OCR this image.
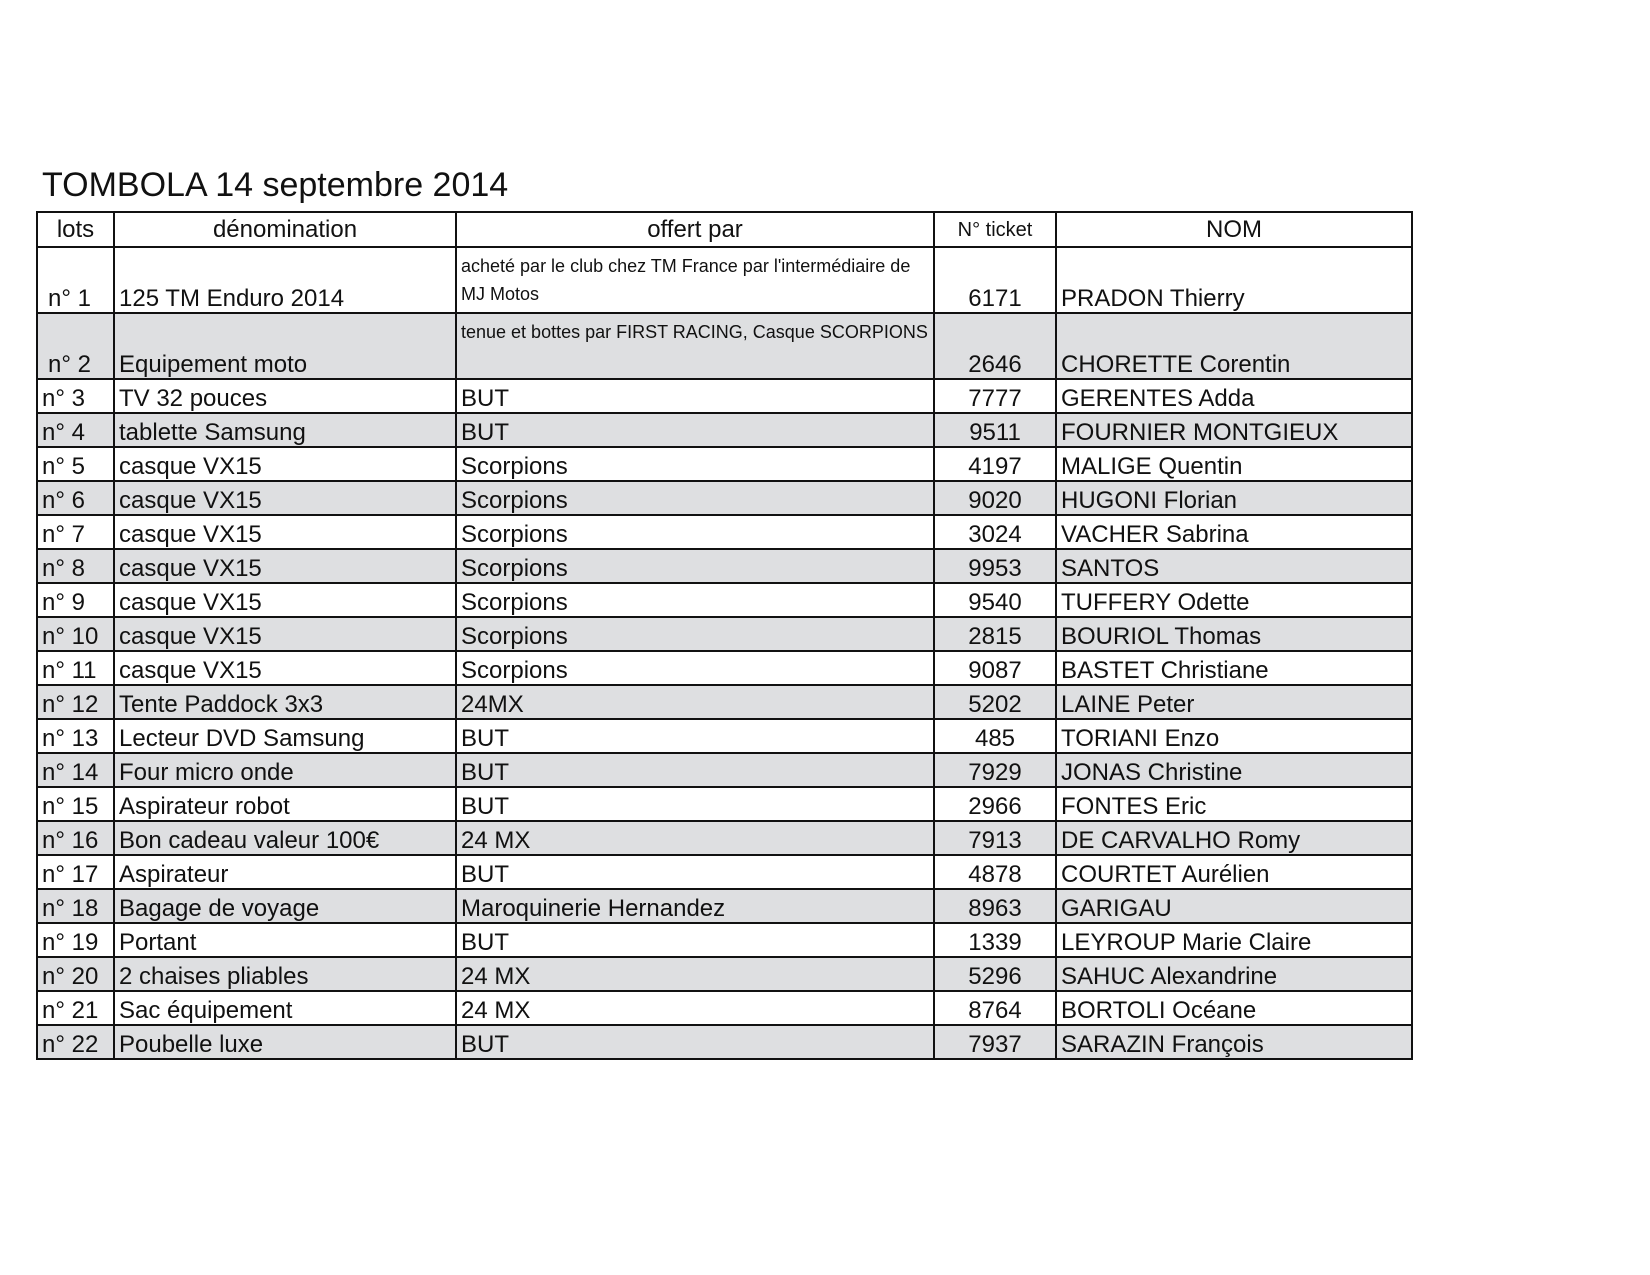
TOMBOLA 14 septembre 2014
lots	dénomination	offert par	N° ticket	NOM
n° 1	125 TM Enduro 2014	acheté par le club chez TM France par l'intermédiaire de MJ Motos	6171	PRADON Thierry
n° 2	Equipement moto	tenue et bottes par FIRST RACING, Casque SCORPIONS	2646	CHORETTE Corentin
n° 3	TV 32 pouces	BUT	7777	GERENTES Adda
n° 4	tablette Samsung	BUT	9511	FOURNIER MONTGIEUX
n° 5	casque VX15	Scorpions	4197	MALIGE Quentin
n° 6	casque VX15	Scorpions	9020	HUGONI Florian
n° 7	casque VX15	Scorpions	3024	VACHER Sabrina
n° 8	casque VX15	Scorpions	9953	SANTOS
n° 9	casque VX15	Scorpions	9540	TUFFERY Odette
n° 10	casque VX15	Scorpions	2815	BOURIOL Thomas
n° 11	casque VX15	Scorpions	9087	BASTET Christiane
n° 12	Tente Paddock 3x3	24MX	5202	LAINE Peter
n° 13	Lecteur DVD Samsung	BUT	485	TORIANI Enzo
n° 14	Four micro onde	BUT	7929	JONAS Christine
n° 15	Aspirateur robot	BUT	2966	FONTES Eric
n° 16	Bon cadeau valeur 100€	24 MX	7913	DE CARVALHO Romy
n° 17	Aspirateur	BUT	4878	COURTET Aurélien
n° 18	Bagage de voyage	Maroquinerie Hernandez	8963	GARIGAU
n° 19	Portant	BUT	1339	LEYROUP Marie Claire
n° 20	2 chaises pliables	24 MX	5296	SAHUC Alexandrine
n° 21	Sac équipement	24 MX	8764	BORTOLI Océane
n° 22	Poubelle luxe	BUT	7937	SARAZIN François
